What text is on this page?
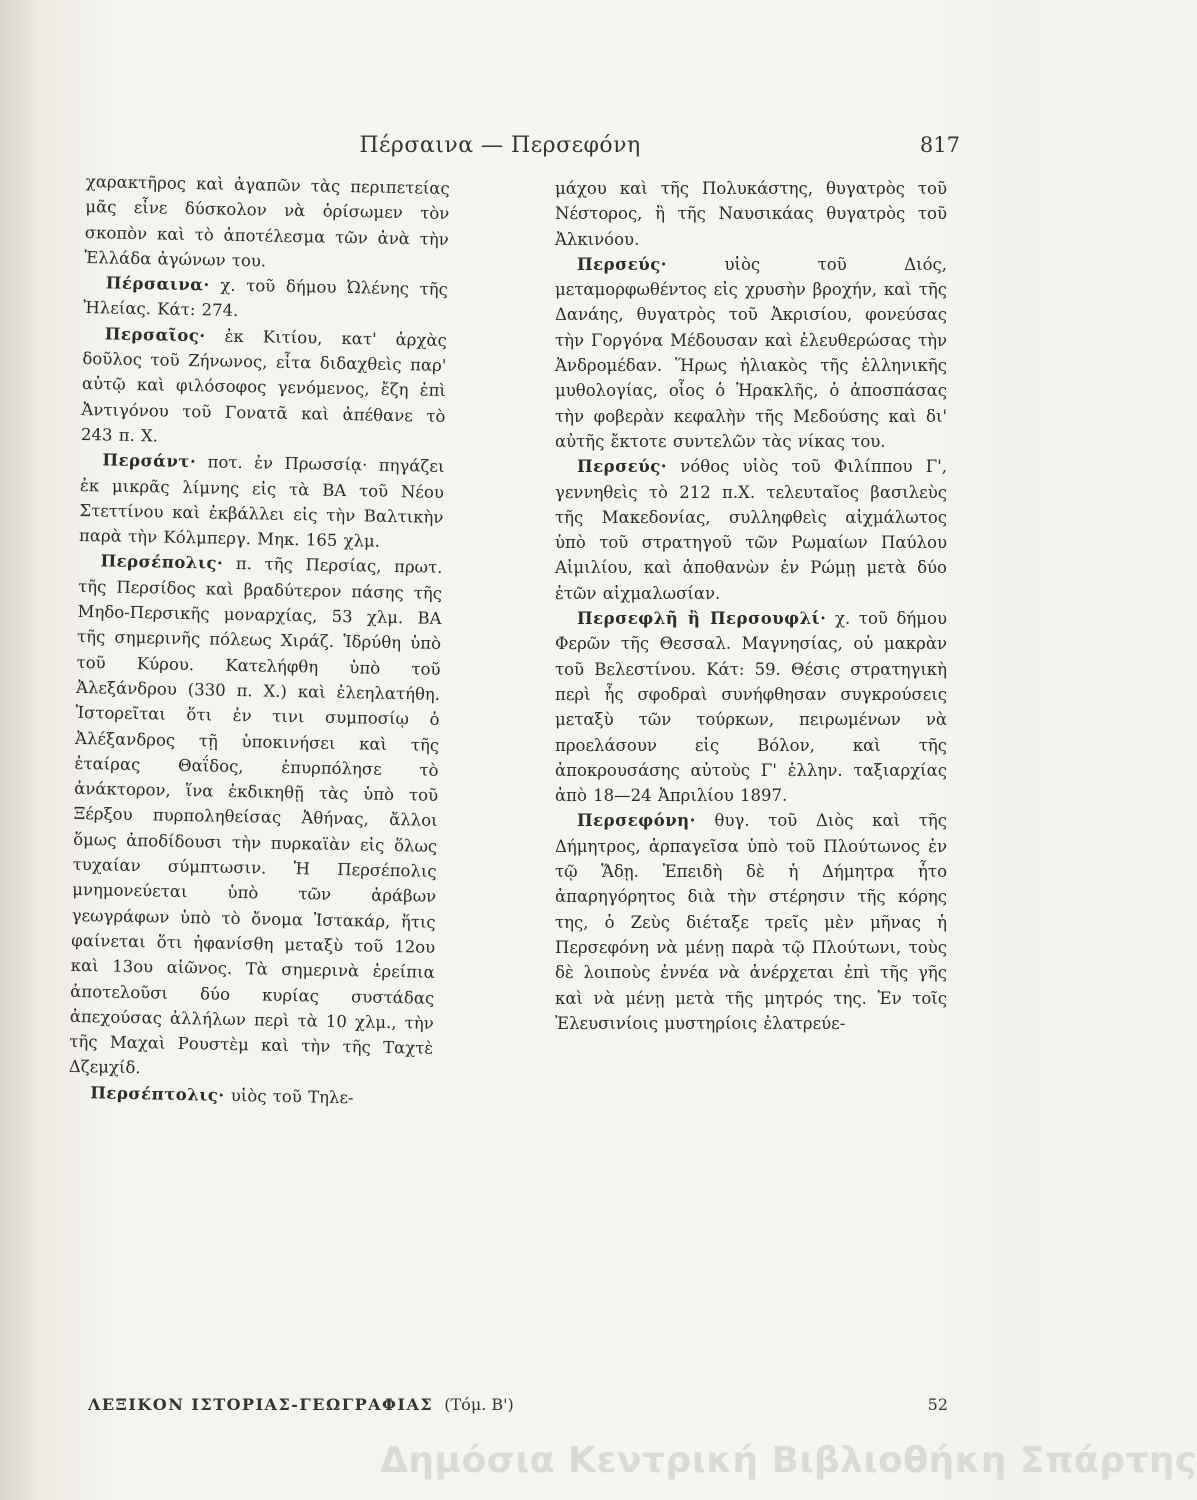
Πέρσαινα — Περσεφόνη	817

χαρακτῆρος καὶ ἀγαπῶν τὰς περιπετείας μᾶς εἶνε δύσκολον νὰ ὁρίσωμεν τὸν σκοπὸν καὶ τὸ ἀποτέλεσμα τῶν ἀνὰ τὴν Ἑλλάδα ἀγώνων του.

Πέρσαινα· χ. τοῦ δήμου Ὠλένης τῆς Ἠλείας. Κάτ: 274.

Περσαῖος· ἐκ Κιτίου, κατ' ἀρχὰς δοῦλος τοῦ Ζήνωνος, εἶτα διδαχθεὶς παρ' αὐτῷ καὶ φιλόσοφος γενόμενος, ἔζη ἐπὶ Ἀντιγόνου τοῦ Γονατᾶ καὶ ἀπέθανε τὸ 243 π. Χ.

Περσάντ· ποτ. ἐν Πρωσσίᾳ· πηγάζει ἐκ μικρᾶς λίμνης εἰς τὰ ΒΑ τοῦ Νέου Στεττίνου καὶ ἐκβάλλει εἰς τὴν Βαλτικὴν παρὰ τὴν Κόλμπεργ. Μηκ. 165 χλμ.

Περσέπολις· π. τῆς Περσίας, πρωτ. τῆς Περσίδος καὶ βραδύτερον πάσης τῆς Μηδο-Περσικῆς μοναρχίας, 53 χλμ. ΒΑ τῆς σημερινῆς πόλεως Χιράζ. Ἱδρύθη ὑπὸ τοῦ Κύρου. Κατελήφθη ὑπὸ τοῦ Ἀλεξάνδρου (330 π. Χ.) καὶ ἐλεηλατήθη. Ἱστορεῖται ὅτι ἐν τινι συμποσίῳ ὁ Ἀλέξανδρος τῇ ὑποκινήσει καὶ τῆς ἑταίρας Θαΐδος, ἐπυρπόλησε τὸ ἀνάκτορον, ἵνα ἐκδικηθῇ τὰς ὑπὸ τοῦ Ξέρξου πυρποληθείσας Ἀθήνας, ἄλλοι ὅμως ἀποδίδουσι τὴν πυρκαϊὰν εἰς ὅλως τυχαίαν σύμπτωσιν. Ἡ Περσέπολις μνημονεύεται ὑπὸ τῶν ἀράβων γεωγράφων ὑπὸ τὸ ὄνομα Ἰστακάρ, ἥτις φαίνεται ὅτι ἠφανίσθη μεταξὺ τοῦ 12ου καὶ 13ου αἰῶνος. Τὰ σημερινὰ ἐρείπια ἀποτελοῦσι δύο κυρίας συστάδας ἀπεχούσας ἀλλήλων περὶ τὰ 10 χλμ., τὴν τῆς Μαχαὶ Ρουστὲμ καὶ τὴν τῆς Ταχτὲ Δζεμχίδ.

Περσέπτολις· υἱὸς τοῦ Τηλε-

μάχου καὶ τῆς Πολυκάστης, θυγατρὸς τοῦ Νέστορος, ἢ τῆς Ναυσικάας θυγατρὸς τοῦ Ἀλκινόου.

Περσεύς· υἱὸς τοῦ Διός, μεταμορφωθέντος εἰς χρυσὴν βροχήν, καὶ τῆς Δανάης, θυγατρὸς τοῦ Ἀκρισίου, φονεύσας τὴν Γοργόνα Μέδουσαν καὶ ἐλευθερώσας τὴν Ἀνδρομέδαν. Ἥρως ἡλιακὸς τῆς ἑλληνικῆς μυθολογίας, οἷος ὁ Ἡρακλῆς, ὁ ἀποσπάσας τὴν φοβερὰν κεφαλὴν τῆς Μεδούσης καὶ δι' αὐτῆς ἔκτοτε συντελῶν τὰς νίκας του.

Περσεύς· νόθος υἱὸς τοῦ Φιλίππου Γ', γεννηθεὶς τὸ 212 π.Χ. τελευταῖος βασιλεὺς τῆς Μακεδονίας, συλληφθεὶς αἰχμάλωτος ὑπὸ τοῦ στρατηγοῦ τῶν Ρωμαίων Παύλου Αἰμιλίου, καὶ ἀποθανὼν ἐν Ρώμῃ μετὰ δύο ἐτῶν αἰχμαλωσίαν.

Περσεφλῆ ἢ Περσουφλί· χ. τοῦ δήμου Φερῶν τῆς Θεσσαλ. Μαγνησίας, οὐ μακρὰν τοῦ Βελεστίνου. Κάτ: 59. Θέσις στρατηγικὴ περὶ ἧς σφοδραὶ συνήφθησαν συγκρούσεις μεταξὺ τῶν τούρκων, πειρωμένων νὰ προελάσουν εἰς Βόλον, καὶ τῆς ἀποκρουσάσης αὐτοὺς Γ' ἑλλην. ταξιαρχίας ἀπὸ 18—24 Ἀπριλίου 1897.

Περσεφόνη· θυγ. τοῦ Διὸς καὶ τῆς Δήμητρος, ἁρπαγεῖσα ὑπὸ τοῦ Πλούτωνος ἐν τῷ Ἅδῃ. Ἐπειδὴ δὲ ἡ Δήμητρα ἦτο ἀπαρηγόρητος διὰ τὴν στέρησιν τῆς κόρης της, ὁ Ζεὺς διέταξε τρεῖς μὲν μῆνας ἡ Περσεφόνη νὰ μένῃ παρὰ τῷ Πλούτωνι, τοὺς δὲ λοιποὺς ἐννέα νὰ ἀνέρχεται ἐπὶ τῆς γῆς καὶ νὰ μένῃ μετὰ τῆς μητρός της. Ἐν τοῖς Ἐλευσινίοις μυστηρίοις ἐλατρεύε-

ΛΕΞΙΚΟΝ ΙΣΤΟΡΙΑΣ-ΓΕΩΓΡΑΦΙΑΣ (Τόμ. Β')	52
Δημόσια Κεντρική Βιβλιοθήκη Σπάρτης
